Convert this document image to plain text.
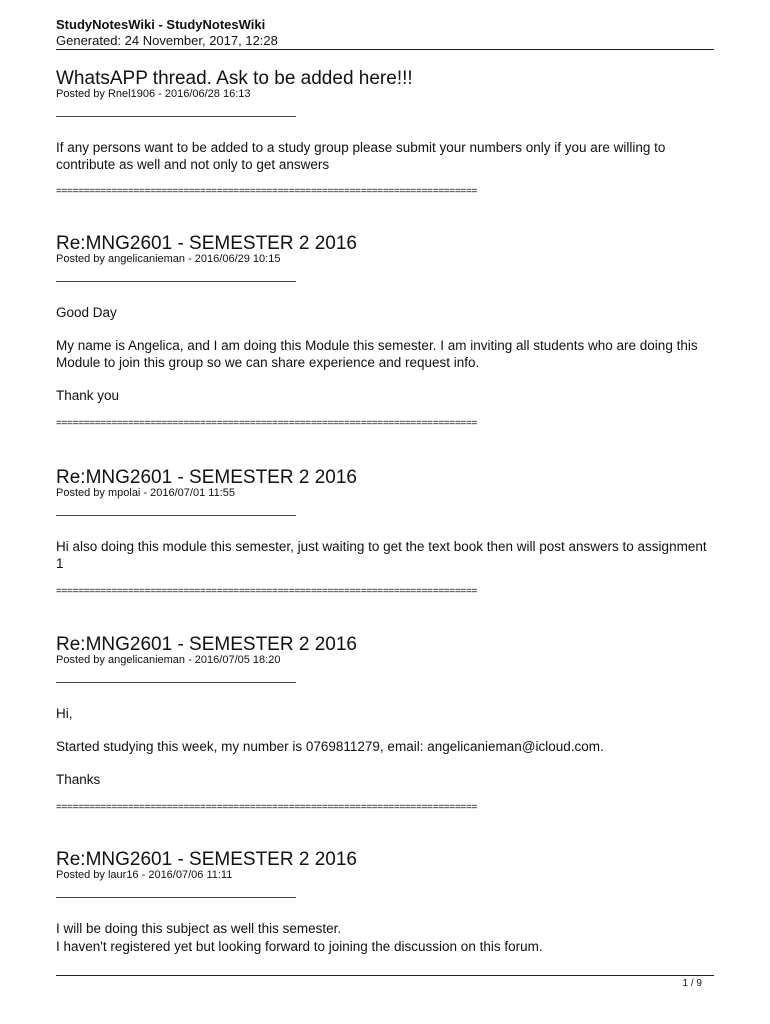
StudyNotesWiki - StudyNotesWiki
Generated: 24 November, 2017, 12:28
WhatsAPP thread. Ask to be added here!!!
Posted by Rnel1906 - 2016/06/28 16:13

If any persons want to be added to a study group please submit your numbers only if you are willing to contribute as well and not only to get answers

============================================================================
Re:MNG2601 - SEMESTER 2 2016
Posted by angelicanieman - 2016/06/29 10:15

Good Day

My name is Angelica, and I am doing this Module this semester. I am inviting all students who are doing this Module to join this group so we can share experience and request info.

Thank you

============================================================================
Re:MNG2601 - SEMESTER 2 2016
Posted by mpolai - 2016/07/01 11:55

Hi also doing this module this semester, just waiting to get the text book then will post answers to assignment 1

============================================================================
Re:MNG2601 - SEMESTER 2 2016
Posted by angelicanieman - 2016/07/05 18:20

Hi,

Started studying this week, my number is 0769811279, email: angelicanieman@icloud.com.

Thanks

============================================================================
Re:MNG2601 - SEMESTER 2 2016
Posted by laur16 - 2016/07/06 11:11

I will be doing this subject as well this semester.

I haven't registered yet but looking forward to joining the discussion on this forum.

1 / 9
